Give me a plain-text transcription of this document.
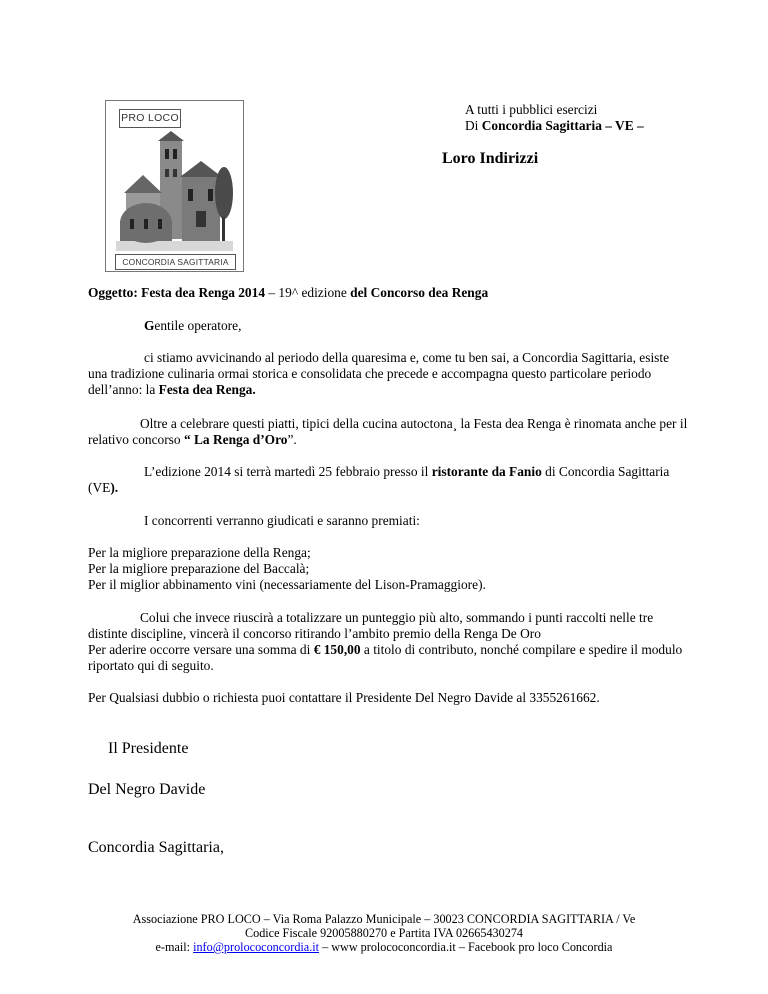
PRO LOCO
CONCORDIA SAGITTARIA
A tutti i pubblici esercizi
Di Concordia Sagittaria – VE –
Loro Indirizzi
Oggetto: Festa dea Renga 2014 – 19^ edizione del Concorso dea Renga
Gentile operatore,
ci stiamo avvicinando al periodo della quaresima e, come tu ben sai, a Concordia Sagittaria, esiste una tradizione culinaria ormai storica e consolidata che precede e accompagna questo particolare periodo dell’anno: la Festa dea Renga.
Oltre a celebrare questi piatti, tipici della cucina autoctona¸ la Festa dea Renga è rinomata anche per il relativo concorso “ La Renga d’Oro”.
L’edizione 2014 si terrà martedì 25 febbraio presso il ristorante da Fanio di Concordia Sagittaria (VE).
I concorrenti verranno giudicati e saranno premiati:
Per la migliore preparazione della Renga;
Per la migliore preparazione del Baccalà;
Per il miglior abbinamento vini (necessariamente del Lison-Pramaggiore).
Colui che invece riuscirà a totalizzare un punteggio più alto, sommando i punti raccolti nelle tre distinte discipline, vincerà il concorso ritirando l’ambito premio della Renga De Oro
Per aderire occorre versare una somma di € 150,00 a titolo di contributo, nonché compilare e spedire il modulo riportato qui di seguito.
Per Qualsiasi dubbio o richiesta puoi contattare il Presidente Del Negro Davide al 3355261662.
Il Presidente
Del Negro Davide
Concordia Sagittaria,
Associazione PRO LOCO – Via Roma Palazzo Municipale – 30023 CONCORDIA SAGITTARIA / Ve
Codice Fiscale 92005880270 e Partita IVA 02665430274
e-mail: info@prolococoncordia.it – www prolococoncordia.it – Facebook pro loco Concordia
